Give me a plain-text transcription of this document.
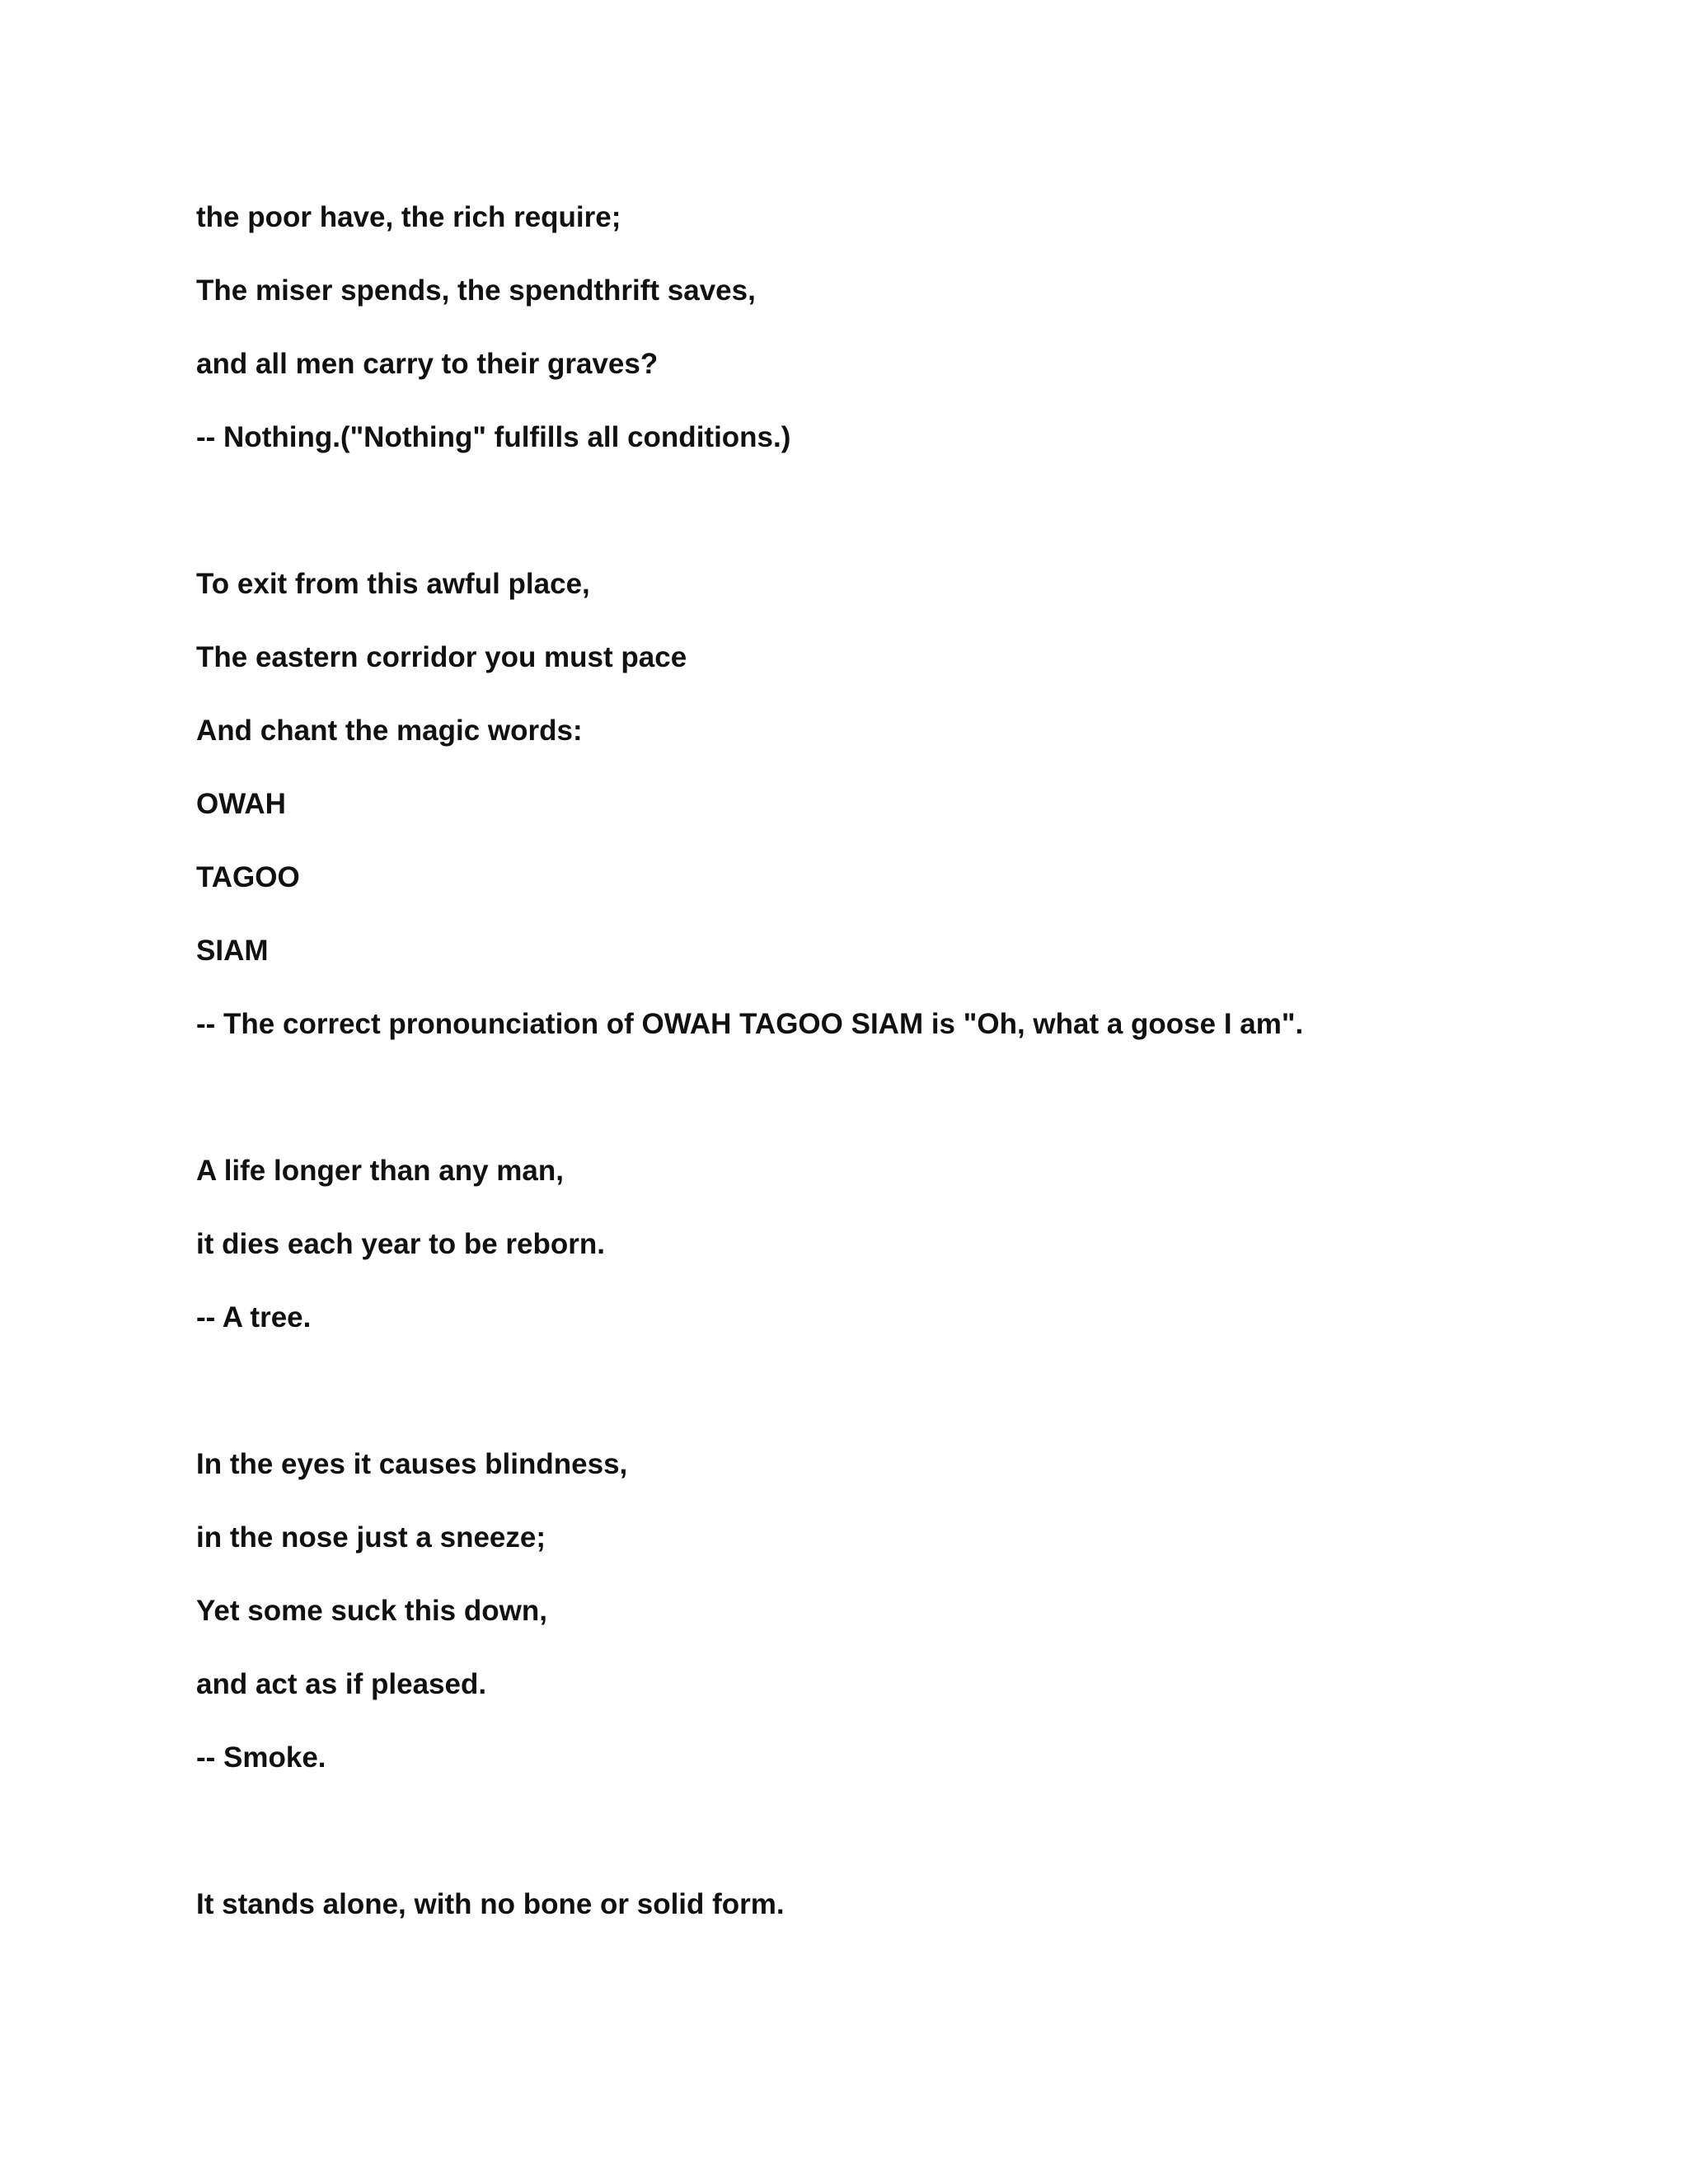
the poor have, the rich require;

The miser spends, the spendthrift saves,

and all men carry to their graves?

-- Nothing.("Nothing" fulfills all conditions.)

To exit from this awful place,

The eastern corridor you must pace

And chant the magic words:

OWAH

TAGOO

SIAM

-- The correct pronounciation of OWAH TAGOO SIAM is "Oh, what a goose I am".

A life longer than any man,

it dies each year to be reborn.

-- A tree.

In the eyes it causes blindness,

in the nose just a sneeze;

Yet some suck this down,

and act as if pleased.

-- Smoke.

It stands alone, with no bone or solid form.
